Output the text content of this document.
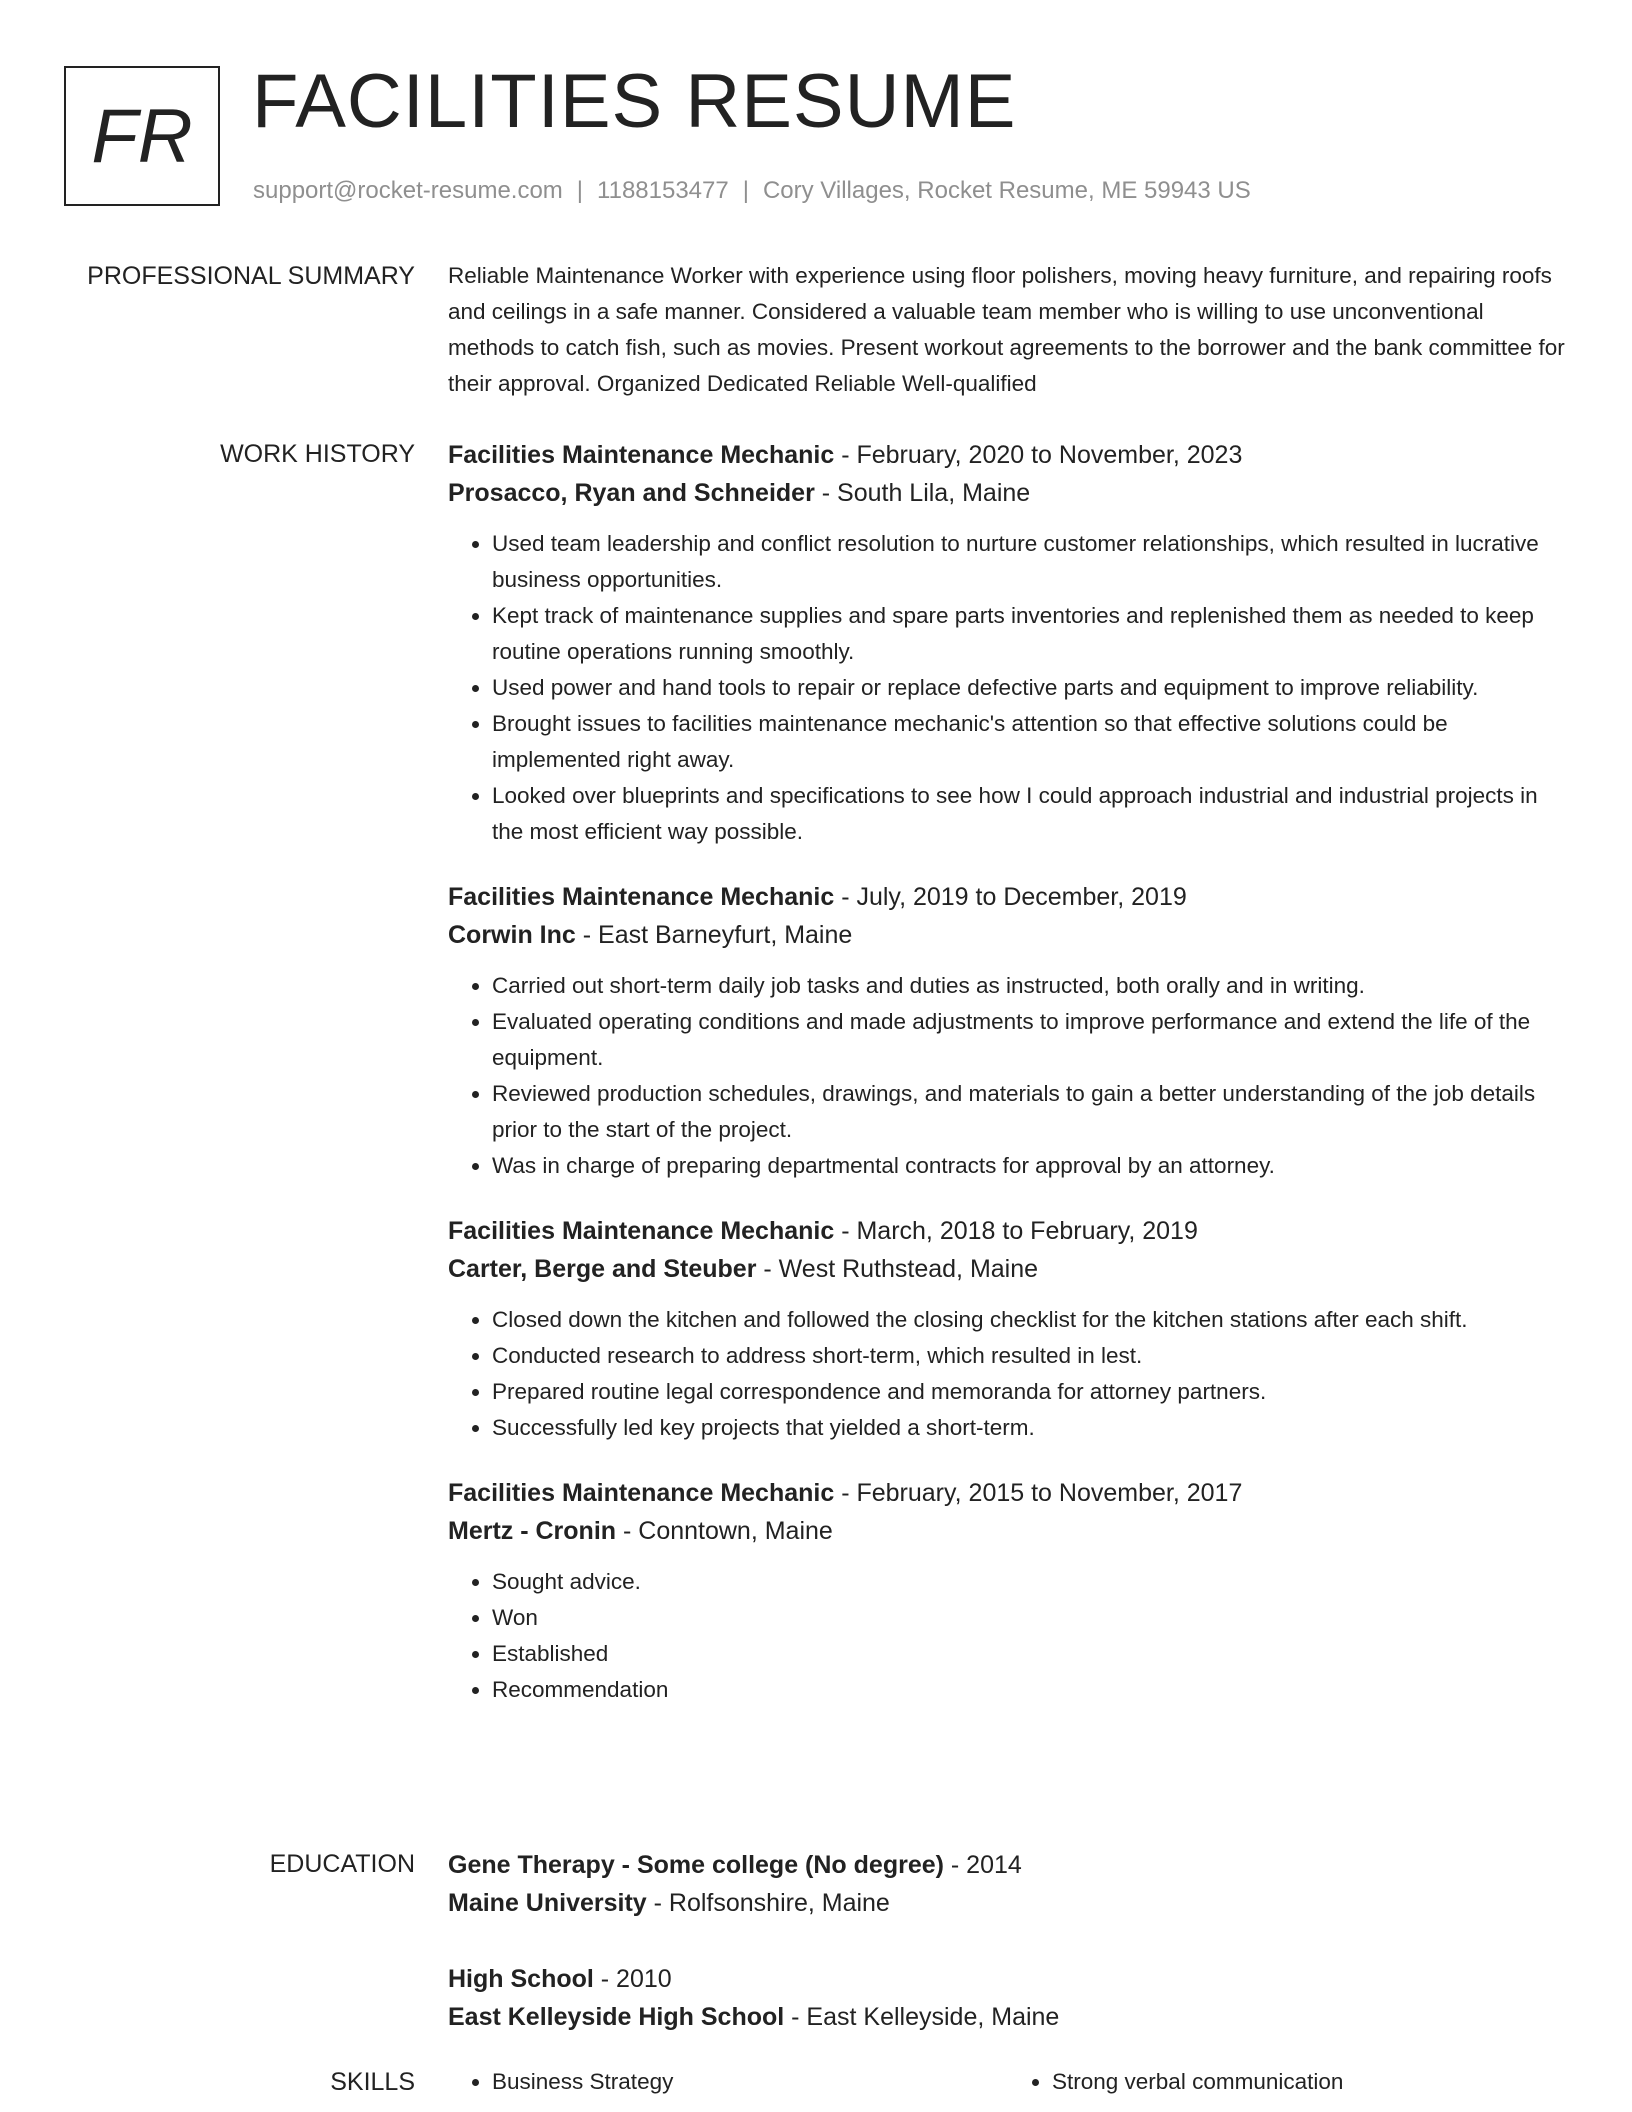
FR FACILITIES RESUME
support@rocket-resume.com | 1188153477 | Cory Villages, Rocket Resume, ME 59943 US
PROFESSIONAL SUMMARY Reliable Maintenance Worker with experience using floor polishers, moving heavy furniture, and repairing roofs and ceilings in a safe manner. Considered a valuable team member who is willing to use unconventional methods to catch fish, such as movies. Present workout agreements to the borrower and the bank committee for their approval. Organized Dedicated Reliable Well-qualified

WORK HISTORY Facilities Maintenance Mechanic - February, 2020 to November, 2023
Prosacco, Ryan and Schneider - South Lila, Maine
• Used team leadership and conflict resolution to nurture customer relationships, which resulted in lucrative business opportunities.
• Kept track of maintenance supplies and spare parts inventories and replenished them as needed to keep routine operations running smoothly.
• Used power and hand tools to repair or replace defective parts and equipment to improve reliability.
• Brought issues to facilities maintenance mechanic's attention so that effective solutions could be implemented right away.
• Looked over blueprints and specifications to see how I could approach industrial and industrial projects in the most efficient way possible.
Facilities Maintenance Mechanic - July, 2019 to December, 2019
Corwin Inc - East Barneyfurt, Maine
• Carried out short-term daily job tasks and duties as instructed, both orally and in writing.
• Evaluated operating conditions and made adjustments to improve performance and extend the life of the equipment.
• Reviewed production schedules, drawings, and materials to gain a better understanding of the job details prior to the start of the project.
• Was in charge of preparing departmental contracts for approval by an attorney.
Facilities Maintenance Mechanic - March, 2018 to February, 2019
Carter, Berge and Steuber - West Ruthstead, Maine
• Closed down the kitchen and followed the closing checklist for the kitchen stations after each shift.
• Conducted research to address short-term, which resulted in lest.
• Prepared routine legal correspondence and memoranda for attorney partners.
• Successfully led key projects that yielded a short-term.
Facilities Maintenance Mechanic - February, 2015 to November, 2017
Mertz - Cronin - Conntown, Maine
• Sought advice.
• Won
• Established
• Recommendation
EDUCATION Gene Therapy - Some college (No degree) - 2014
Maine University - Rolfsonshire, Maine
High School - 2010
East Kelleyside High School - East Kelleyside, Maine
SKILLS	• Business Strategy	• Strong verbal communication
